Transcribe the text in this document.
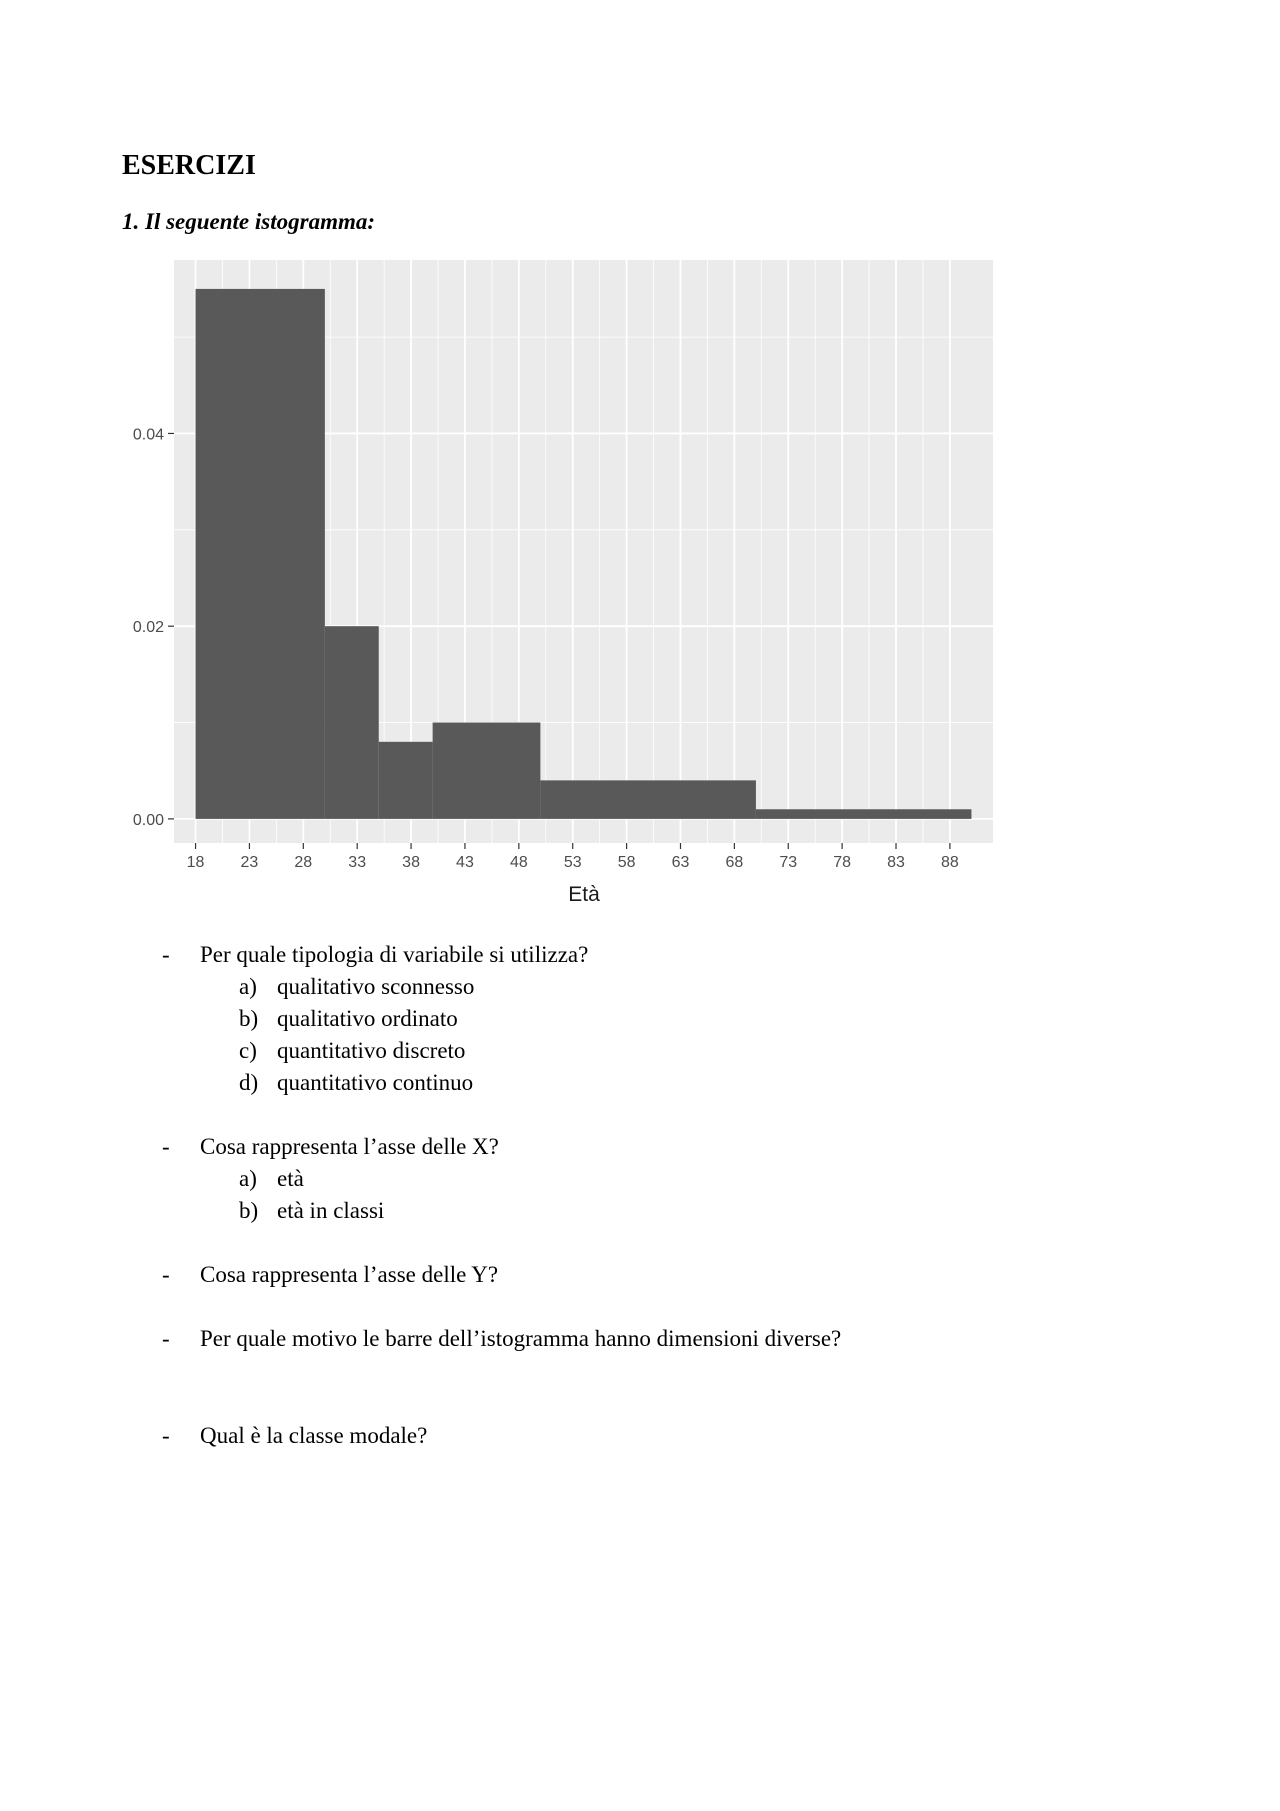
ESERCIZI
1. Il seguente istogramma:
18 23 28 33 38 43 48 53 58 63 68 73 78 83 88
0.00
0.02
0.04
Età
- Per quale tipologia di variabile si utilizza?
a) qualitativo sconnesso
b) qualitativo ordinato
c) quantitativo discreto
d) quantitativo continuo
- Cosa rappresenta l’asse delle X?
a) età
b) età in classi
- Cosa rappresenta l’asse delle Y?
- Per quale motivo le barre dell’istogramma hanno dimensioni diverse?
- Qual è la classe modale?
